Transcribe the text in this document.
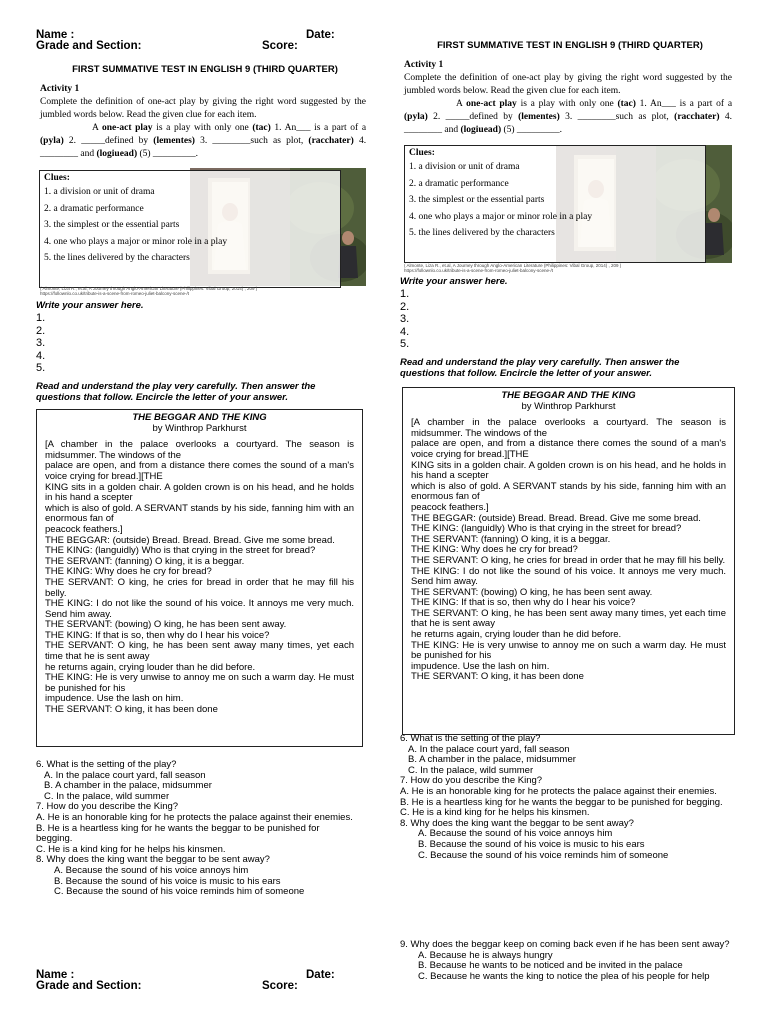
Name :	Date:
Grade and Section:	Score:
FIRST SUMMATIVE TEST IN ENGLISH 9 (THIRD QUARTER)
Activity 1
Complete the definition of one-act play by giving the right word suggested by the jumbled words below. Read the given clue for each item.
A one-act play is a play with only one (tac) 1. An___ is a part of a (pyla) 2. _____defined by (lementes) 3. ________such as plot, (racchater) 4. ________ and (logiuead) (5) _________.
Clues:
1. a division or unit of drama
2. a dramatic performance
3. the simplest or the essential parts
4. one who plays a major or minor role in a play
5. the lines delivered by the characters
( Almonte, Liza R., et.al, A Journey through Anglo-American Literature (Philippines: Vibal Group, 2014) , 209 ) https://follownlo.co.uk/tribute-is-a-scene-from-romeo-juliet-balcony-scene-/t
Write your answer here.
1.
2.
3.
4.
5.
Read and understand the play very carefully. Then answer the questions that follow. Encircle the letter of your answer.
THE BEGGAR AND THE KING
by Winthrop Parkhurst
[A chamber in the palace overlooks a courtyard. The season is midsummer. The windows of the
palace are open, and from a distance there comes the sound of a man's voice crying for bread.][THE
KING sits in a golden chair. A golden crown is on his head, and he holds in his hand a scepter
which is also of gold. A SERVANT stands by his side, fanning him with an enormous fan of
peacock feathers.]
THE BEGGAR: (outside) Bread. Bread. Bread. Give me some bread.
THE KING: (languidly) Who is that crying in the street for bread?
THE SERVANT: (fanning) O king, it is a beggar.
THE KING: Why does he cry for bread?
THE SERVANT: O king, he cries for bread in order that he may fill his belly.
THE KING: I do not like the sound of his voice. It annoys me very much. Send him away.
THE SERVANT: (bowing) O king, he has been sent away.
THE KING: If that is so, then why do I hear his voice?
THE SERVANT: O king, he has been sent away many times, yet each time that he is sent away
he returns again, crying louder than he did before.
THE KING: He is very unwise to annoy me on such a warm day. He must be punished for his
impudence. Use the lash on him.
THE SERVANT: O king, it has been done
6. What is the setting of the play?
A. In the palace court yard, fall season
B. A chamber in the palace, midsummer
C. In the palace, wild summer
7. How do you describe the King?
A. He is an honorable king for he protects the palace against their enemies.
B. He is a heartless king for he wants the beggar to be punished for begging.
C. He is a kind king for he helps his kinsmen.
8. Why does the king want the beggar to be sent away?
A. Because the sound of his voice annoys him
B. Because the sound of his voice is music to his ears
C. Because the sound of his voice reminds him of someone
Name :	Date:
Grade and Section:	Score:
FIRST SUMMATIVE TEST IN ENGLISH 9 (THIRD QUARTER)
Activity 1
Complete the definition of one-act play by giving the right word suggested by the jumbled words below. Read the given clue for each item.
A one-act play is a play with only one (tac) 1. An___ is a part of a (pyla) 2. _____defined by (lementes) 3. ________such as plot, (racchater) 4. ________ and (logiuead) (5) _________.
Clues:
1. a division or unit of drama
2. a dramatic performance
3. the simplest or the essential parts
4. one who plays a major or minor role in a play
5. the lines delivered by the characters
( Almonte, Liza R., et.al, A Journey through Anglo-American Literature (Philippines: Vibal Group, 2014) , 209 ) https://follownlo.co.uk/tribute-is-a-scene-from-romeo-juliet-balcony-scene-/t
Write your answer here.
1.
2.
3.
4.
5.
Read and understand the play very carefully. Then answer the questions that follow. Encircle the letter of your answer.
THE BEGGAR AND THE KING
by Winthrop Parkhurst
[A chamber in the palace overlooks a courtyard. The season is midsummer. The windows of the
palace are open, and from a distance there comes the sound of a man's voice crying for bread.][THE
KING sits in a golden chair. A golden crown is on his head, and he holds in his hand a scepter
which is also of gold. A SERVANT stands by his side, fanning him with an enormous fan of
peacock feathers.]
THE BEGGAR: (outside) Bread. Bread. Bread. Give me some bread.
THE KING: (languidly) Who is that crying in the street for bread?
THE SERVANT: (fanning) O king, it is a beggar.
THE KING: Why does he cry for bread?
THE SERVANT: O king, he cries for bread in order that he may fill his belly.
THE KING: I do not like the sound of his voice. It annoys me very much. Send him away.
THE SERVANT: (bowing) O king, he has been sent away.
THE KING: If that is so, then why do I hear his voice?
THE SERVANT: O king, he has been sent away many times, yet each time that he is sent away
he returns again, crying louder than he did before.
THE KING: He is very unwise to annoy me on such a warm day. He must be punished for his
impudence. Use the lash on him.
THE SERVANT: O king, it has been done
6. What is the setting of the play?
A. In the palace court yard, fall season
B. A chamber in the palace, midsummer
C. In the palace, wild summer
7. How do you describe the King?
A. He is an honorable king for he protects the palace against their enemies.
B. He is a heartless king for he wants the beggar to be punished for begging.
C. He is a kind king for he helps his kinsmen.
8. Why does the king want the beggar to be sent away?
A. Because the sound of his voice annoys him
B. Because the sound of his voice is music to his ears
C. Because the sound of his voice reminds him of someone
9. Why does the beggar keep on coming back even if he has been sent away?
A. Because he is always hungry
B. Because he wants to be noticed and be invited in the palace
C. Because he wants the king to notice the plea of his people for help
